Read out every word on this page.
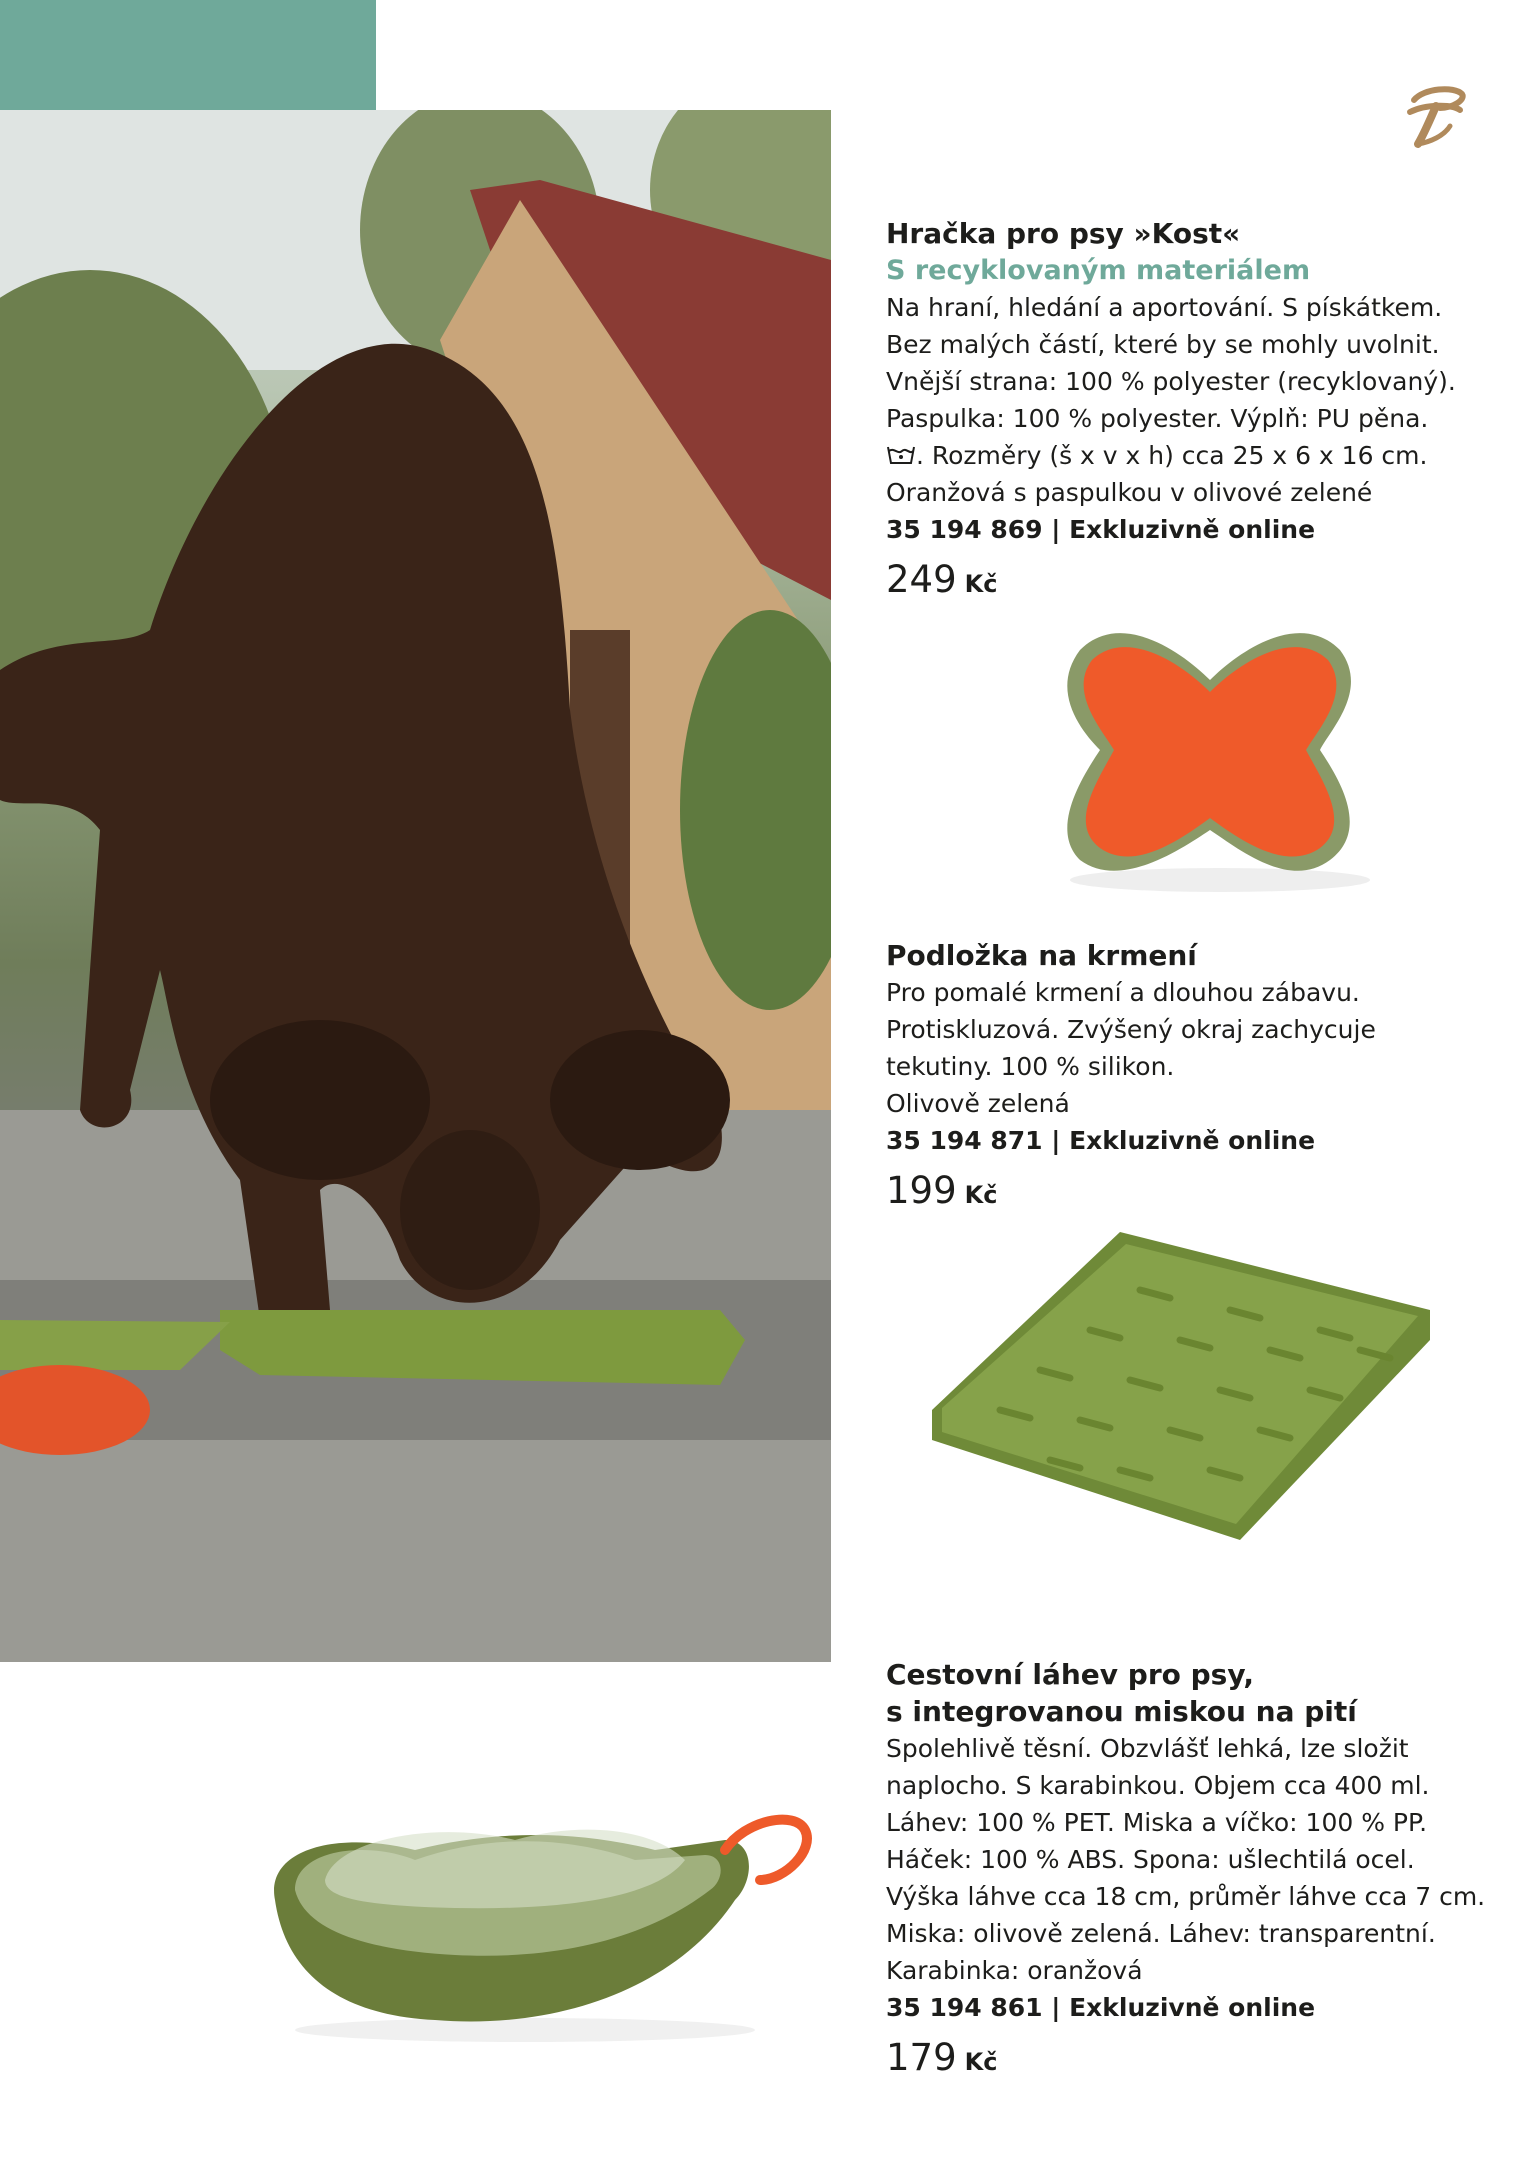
Hračka pro psy »Kost«

S recyklovaným materiálem

Na hraní, hledání a aportování. S pískátkem.

Bez malých částí, které by se mohly uvolnit.

Vnější strana: 100 % polyester (recyklovaný).

Paspulka: 100 % polyester. Výplň: PU pěna.

. Rozměry (š x v x h) cca 25 x 6 x 16 cm.

Oranžová s paspulkou v olivové zelené

35 194 869 | Exkluzivně online

249 Kč

Podložka na krmení

Pro pomalé krmení a dlouhou zábavu.

Protiskluzová. Zvýšený okraj zachycuje

tekutiny. 100 % silikon.

Olivově zelená

35 194 871 | Exkluzivně online

199 Kč

Cestovní láhev pro psy,

s integrovanou miskou na pití

Spolehlivě těsní. Obzvlášť lehká, lze složit

naplocho. S karabinkou. Objem cca 400 ml.

Láhev: 100 % PET. Miska a víčko: 100 % PP.

Háček: 100 % ABS. Spona: ušlechtilá ocel.

Výška láhve cca 18 cm, průměr láhve cca 7 cm.

Miska: olivově zelená. Láhev: transparentní.

Karabinka: oranžová

35 194 861 | Exkluzivně online

179 Kč
